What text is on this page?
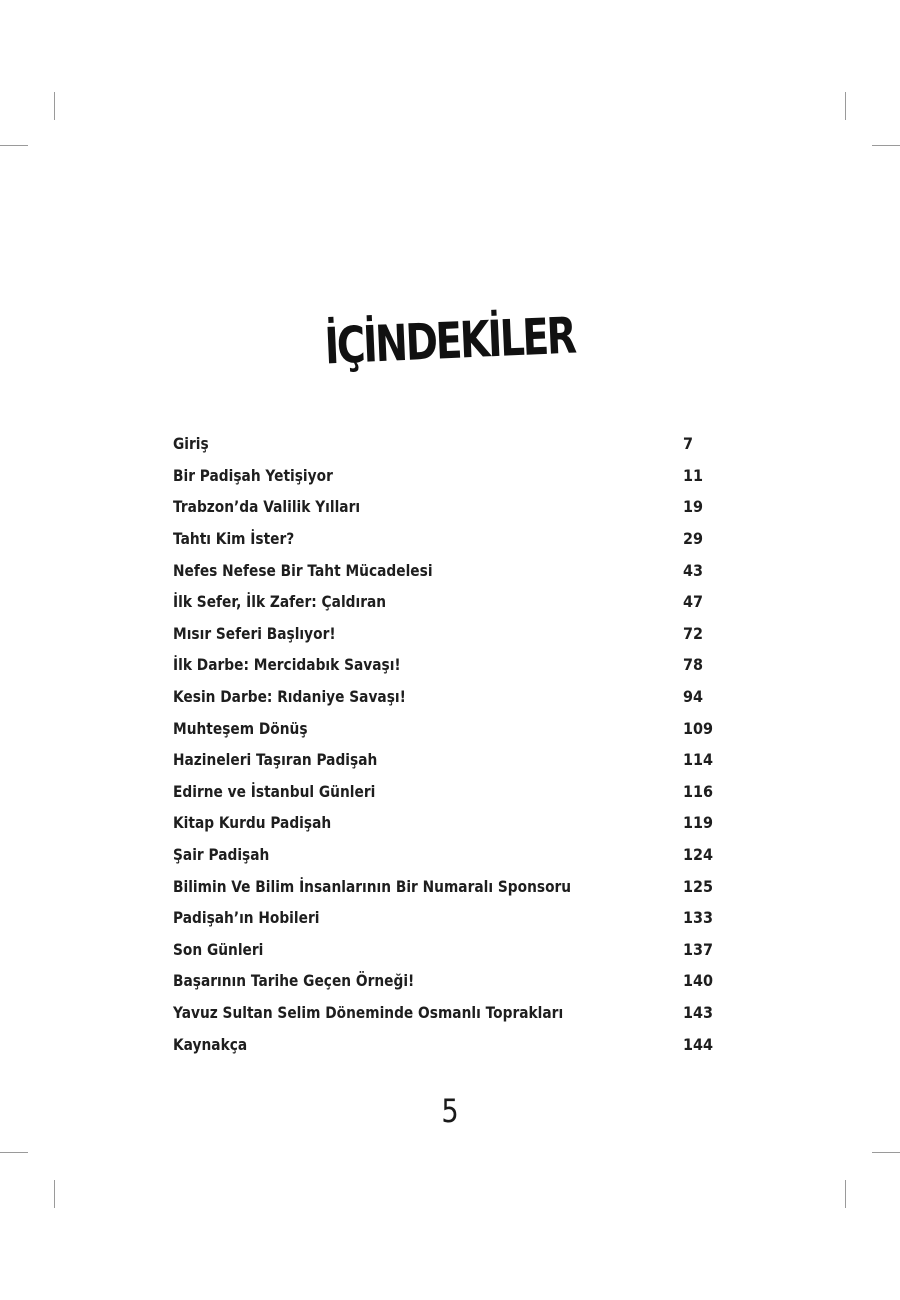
İÇİNDEKİLER
Giriş	7
Bir Padişah Yetişiyor	11
Trabzon’da Valilik Yılları	19
Tahtı Kim İster?	29
Nefes Nefese Bir Taht Mücadelesi	43
İlk Sefer, İlk Zafer: Çaldıran	47
Mısır Seferi Başlıyor!	72
İlk Darbe: Mercidabık Savaşı!	78
Kesin Darbe: Rıdaniye Savaşı!	94
Muhteşem Dönüş	109
Hazineleri Taşıran Padişah	114
Edirne ve İstanbul Günleri	116
Kitap Kurdu Padişah	119
Şair Padişah	124
Bilimin Ve Bilim İnsanlarının Bir Numaralı Sponsoru	125
Padişah’ın Hobileri	133
Son Günleri	137
Başarının Tarihe Geçen Örneği!	140
Yavuz Sultan Selim Döneminde Osmanlı Toprakları	143
Kaynakça	144
5
